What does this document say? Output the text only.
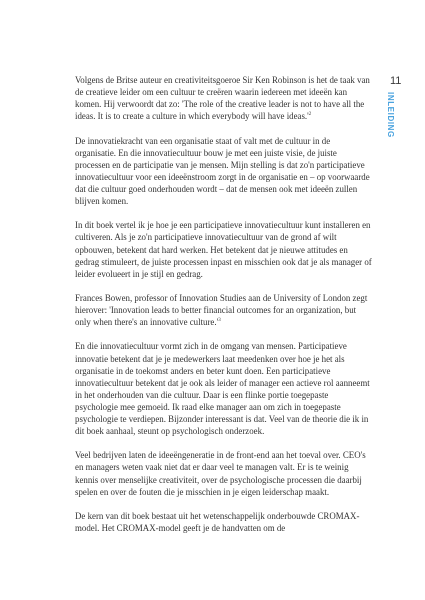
11
INLEIDING

Volgens de Britse auteur en creativiteitsgoeroe Sir Ken Robinson is het de taak van de creatieve leider om een cultuur te creëren waarin iedereen met ideeën kan komen. Hij verwoordt dat zo: 'The role of the creative leader is not to have all the ideas. It is to create a culture in which everybody will have $ideas.'^2$

De innovatiekracht van een organisatie staat of valt met de cultuur in de organisatie. En die innovatiecultuur bouw je met een juiste visie, de juiste processen en de participatie van je mensen. Mijn stelling is dat zo'n participatieve innovatiecultuur voor een ideeënstroom zorgt in de organisatie en – op voorwaarde dat die cultuur goed onderhouden wordt – dat de mensen ook met ideeën zullen blijven komen.

In dit boek vertel ik je hoe je een participatieve innovatiecultuur kunt installeren en cultiveren. Als je zo'n participatieve innovatiecultuur van de grond af wilt opbouwen, betekent dat hard werken. Het betekent dat je nieuwe attitudes en gedrag stimuleert, de juiste processen inpast en misschien ook dat je als manager of leider evolueert in je stijl en gedrag.

Frances Bowen, professor of Innovation Studies aan de University of London zegt hierover: 'Innovation leads to better financial outcomes for an organization, but only when there's an innovative $culture.'^3$

En die innovatiecultuur vormt zich in de omgang van mensen. Participatieve innovatie betekent dat je je medewerkers laat meedenken over hoe je het als organisatie in de toekomst anders en beter kunt doen. Een participatieve innovatiecultuur betekent dat je ook als leider of manager een actieve rol aanneemt in het onderhouden van die cultuur. Daar is een flinke portie toegepaste psychologie mee gemoeid. Ik raad elke manager aan om zich in toegepaste psychologie te verdiepen. Bijzonder interessant is dat. Veel van de theorie die ik in dit boek aanhaal, steunt op psychologisch onderzoek.

Veel bedrijven laten de ideeëngeneratie in de front-end aan het toeval over. CEO's en managers weten vaak niet dat er daar veel te managen valt. Er is te weinig kennis over menselijke creativiteit, over de psychologische processen die daarbij spelen en over de fouten die je misschien in je eigen leiderschap maakt.

De kern van dit boek bestaat uit het wetenschappelijk onderbouwde CROMAX-model. Het CROMAX-model geeft je de handvatten om de
